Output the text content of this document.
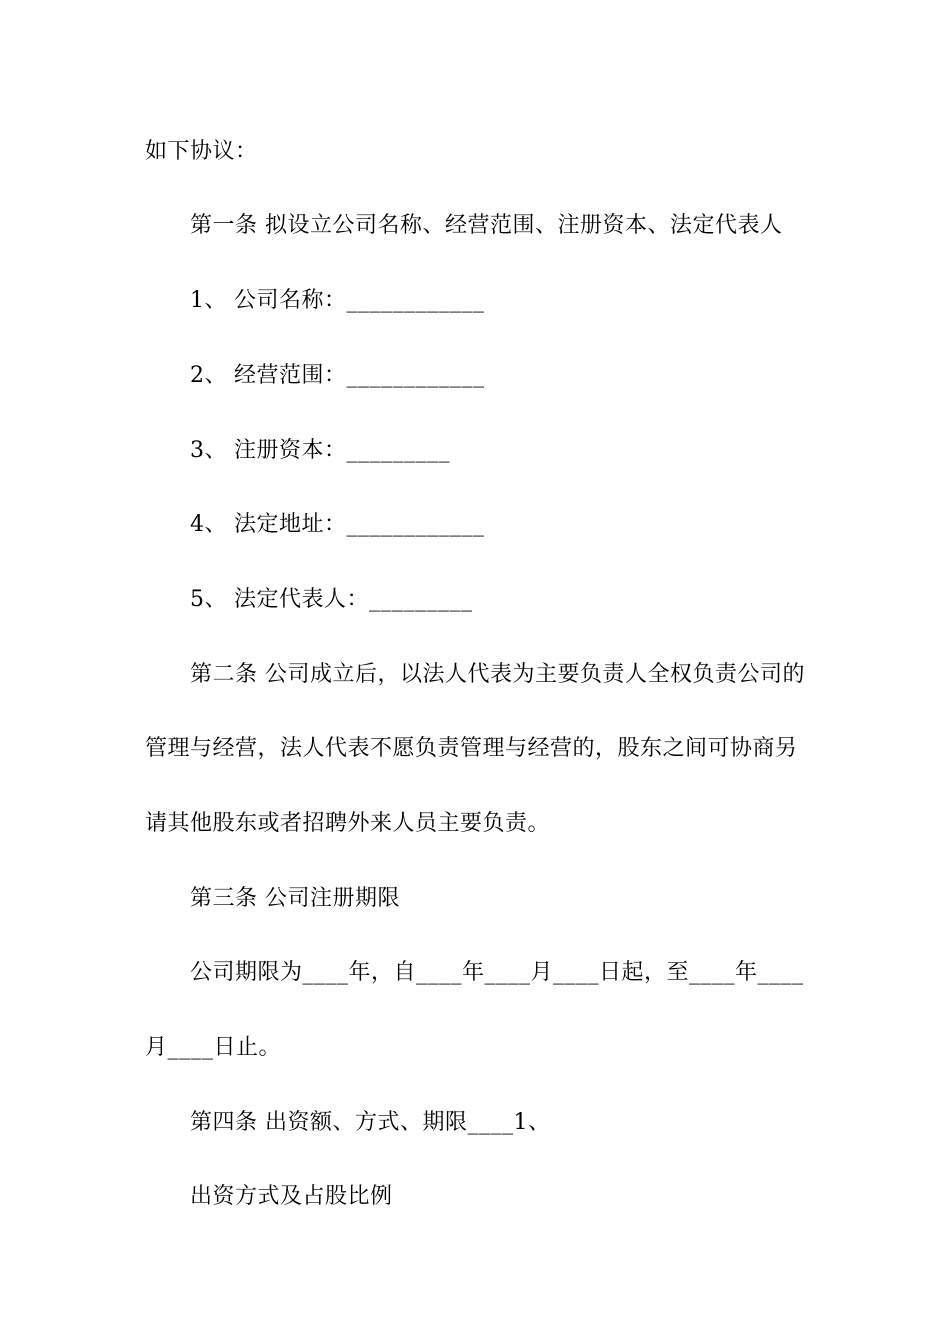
如下协议：
第一条 拟设立公司名称、经营范围、注册资本、法定代表人
1、 公司名称：____________
2、 经营范围：____________
3、 注册资本：_________
4、 法定地址：____________
5、 法定代表人：_________
第二条 公司成立后，以法人代表为主要负责人全权负责公司的
管理与经营，法人代表不愿负责管理与经营的，股东之间可协商另
请其他股东或者招聘外来人员主要负责。
第三条 公司注册期限
公司期限为____年，自____年____月____日起，至____年____
月____日止。
第四条 出资额、方式、期限____1、
出资方式及占股比例
